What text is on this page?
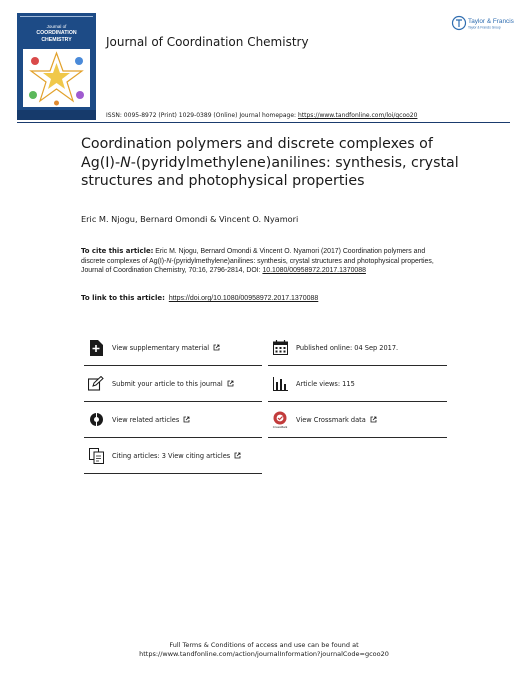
Journal of
COORDINATION
CHEMISTRY
Taylor & Francis
Taylor & Francis Group
Journal of Coordination Chemistry
ISSN: 0095-8972 (Print) 1029-0389 (Online) Journal homepage: https://www.tandfonline.com/loi/gcoo20
Coordination polymers and discrete complexes of Ag(I)-N-(pyridylmethylene)anilines: synthesis, crystal structures and photophysical properties
Eric M. Njogu, Bernard Omondi & Vincent O. Nyamori
To cite this article: Eric M. Njogu, Bernard Omondi & Vincent O. Nyamori (2017) Coordination polymers and discrete complexes of Ag(I)-N-(pyridylmethylene)anilines: synthesis, crystal structures and photophysical properties, Journal of Coordination Chemistry, 70:16, 2796-2814, DOI: 10.1080/00958972.2017.1370088
To link to this article: https://doi.org/10.1080/00958972.2017.1370088
View supplementary material	Published online: 04 Sep 2017.
Submit your article to this journal	Article views: 115
View related articles
CrossMark
View Crossmark data
Citing articles: 3 View citing articles
Full Terms & Conditions of access and use can be found at
https://www.tandfonline.com/action/journalInformation?journalCode=gcoo20
